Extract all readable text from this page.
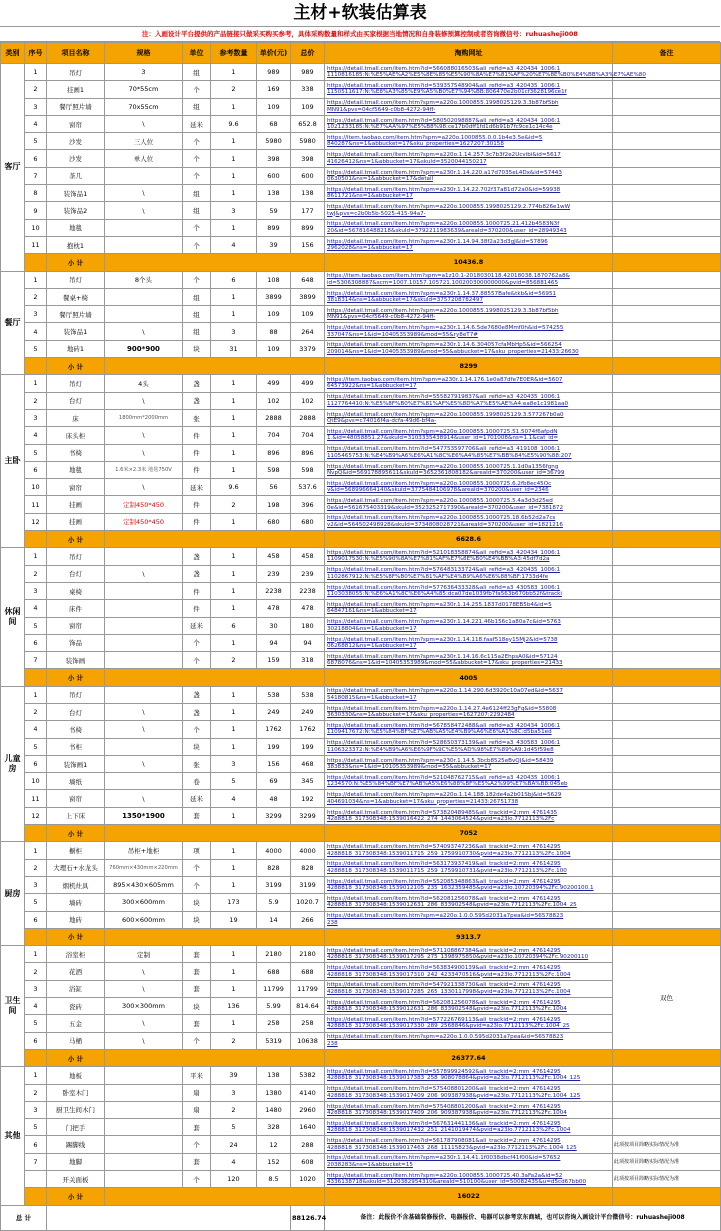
主材+软装估算表
注：入画设计平台提供的产品链接只做采买购买参考，具体采购数量和样式由买家根据当地情况和自身装修预算控制或者咨询微信号：ruhuasheji008
类别	序号	项目名称	规格	单位	参考数量	单价(元)	总价	淘购网址	备注
客厅	1	吊灯	3	组	1	989	989	https://detail.tmall.com/item.htm?id=566088016503&ali_refid=a3_420434_1006:1
1110816185:N:%E5%AE%A2%E5%8E%85%E5%90%8A%E7%81%AF%20%E7%8E%B0%E4%BB%A3%E7%AE%80	

	2	挂画1	70*55cm	个	2	169	338	https://detail.tmall.com/item.htm?id=539357548904&ali_refid=a3_420435_1006:1
1150511617:N:%E8%A3%85%E9%A5%B0%E7%94%BB:806470e2b01cf3628196ce1f	

	3	餐厅照片墙	70x55cm	组	1	109	109	https://detail.tmall.com/item.htm?spm=a220o.1000855.1998025129.3.3b87bf5bh
MN91&pvs=04cf5649-c0b8-4272-94ff-	

	4	窗帘	\	延米	9.6	68	652.8	https://detail.tmall.com/item.htm?id=580502098887&ali_refid=a3_420434_1006:1
1021233185:N:%E7%AA%97%E5%B8%98:ce17b0dff1fd1d6b91b7fc9ce1c14c4e	

	5	沙发	三人位	个	1	5980	5980	https://item.taobao.com/item.htm?spm=a220o.1000855.0.0.1b4e3.5e&id=5
840287&ns=1&abbucket=17&sku_properties=1627207:30158	

	6	沙发	单人位	个	1	398	398	https://detail.tmall.com/item.htm?spm=a220o.1.14.257.3c7b3f2e2Ucvibi&id=5617
41626412&ns=1&abbucket=17&skuId=3520044150217	

	7	茶几		个	1	600	600	https://detail.tmall.com/item.htm?spm=a230r.1.14.220.a17d7035eL4Dx&id=57443
0630501&ns=1&abbucket=17&detail	

	8	装饰品1	\	组	1	138	138	https://detail.tmall.com/item.htm?spm=a230r.1.14.22.702f37a81d72a0&id=59938
8611721&ns=1&abbucket=17	

	9	装饰品2	\	组	3	59	177	https://detail.tmall.com/item.htm?spm=a220o.1000855.1998025129.2.774b826e1wW
twJ&pvs=c2b0b5b-5025-415-94a7-	

	10	地毯		个	1	899	899	https://detail.tmall.com/item.htm?spm=a220o.1000855.1000725.21.412b4583N3f
20&id=567816488218&skuId=3792211983639&areaId=370200&user_id=28949343	

	11	抱枕1		个	4	39	156	https://detail.tmall.com/item.htm?spm=a230r.1.14.94.38f2a23d3gJ&id=57896
2962028&ns=1&abbucket=17	

		小 计						10436.8	
餐厅	1	吊灯	8个头	个	6	108	648	https://item.taobao.com/item.htm?spm=a1z10.1-2018030118.42018038.1870762a8&
id=5306308887&scm=1007.10157.105721.100200300000000&pvid=856881465	

	2	餐桌+椅		组	1	3899	3899	https://detail.tmall.com/item.htm?spm=a230r.1.14.37.88557Bafe&tkb&id=56951
3818314&ns=1&abbucket=17&skuId=3757208782497	

	3	餐厅照片墙		组	1	109	109	https://detail.tmall.com/item.htm?spm=a220o.1000855.1998025129.3.3b87bf5bh
MN91&pvs=04cf5649-c0b8-4272-94ff-	

	4	装饰品1	\	组	3	88	264	https://detail.tmall.com/item.htm?spm=a230r.1.14.6.5de7680e8Mmf0h&id=574255
337047&ns=1&id=10405353989&mod=55&ry8eT7#	

	5	地砖1	900*900	块	31	109	3379	https://detail.tmall.com/item.htm?spm=a230r.1.14.6.304057cfaMbHp5&id=566254
209014&ns=1&id=10405353989&mod=55&abbucket=17&sku_properties=21433:26630	

		小 计						8299	
主卧	1	吊灯	4头	盏	1	499	499	https://item.taobao.com/item.htm?spm=a230r.1.14.176.1e0a87dfe7E0ER&id=5607
64573922&ns=1&abbucket=17	

	2	台灯	\	盏	1	102	102	https://detail.tmall.com/item.htm?id=555827919837&ali_refid=a3_420435_1006:1
1127764410:N:%E5%8F%B0%E7%81%AF%E5%8D%A7%E5%AE%A4:ea8e1c1981aa0	

	3	床	1800mm*2000mm	张	1	2888	2888	https://detail.tmall.com/item.htm?spm=a220o.1000855.1998025129.3.577267b0a0
QtE9&pvs=c74016f4a-dcfa-49d6-bf4a-	

	4	床头柜	\	件	1	704	704	https://detail.tmall.com/item.htm?spm=a220o.1000855.1000725.51.5074f6afpdN
1.&id=48058851.27&skuId=3103335438914&user_id=1701008&ns=1.1&cat_id=	

	5	书椅	\	件	1	896	896	https://detail.tmall.com/item.htm?id=547753597706&ali_refid=a3_419108_1006:1
1105465753:N:%E4%B9%A6%E6%A1%8C%E6%A4%85%E7%BB%84%E5%90%88:207	

	6	地毯	1.6米×2.3米 地毯750V	件	1	598	598	https://detail.tmall.com/item.htm?spm=a220o.1000855.1000725.1.1d0a1356fgng
NvpQ&id=569178895611&skuId=3652361808182&areaId=370200&user_id=36799	

	10	窗帘	\	延米	9.6	56	537.6	https://detail.tmall.com/item.htm?spm=a220o.1000855.1000725.6.2fb8ec45Oc
v&id=568996664140&skuId=3775484106978&areaId=370200&user_id=2346	

	11	挂画	定制450*450	件	2	198	396	https://detail.tmall.com/item.htm?spm=a220o.1000855.1000725.5.4a3d3d25ed
0e&id=561675403319&skuId=3523252717390&areaId=370200&user_id=7381872	

	12	挂画	定制450*450	件	1	680	680	https://detail.tmall.com/item.htm?spm=a220o.1000855.1000725.18.6b52d2a7cs
v2&id=564502498928&skuId=3734808028721&areaId=370200&user_id=1821216	

		小 计						6628.6	
休闲间	1	吊灯		盏	1	458	458	https://detail.tmall.com/item.htm?id=521018358874&ali_refid=a3_420434_1006:1
1109017530:N:%E5%90%8A%E7%81%AF%E7%8E%B0%E4%BB%A3:45df7d2a	

	2	台灯	\	盏	1	239	239	https://detail.tmall.com/item.htm?id=576483133724&ali_refid=a3_420435_1006:1
1102867912:N:%E5%8F%B0%E7%81%AF%E4%B9%A6%E6%88%BF:1733d4fe	

	3	桌椅		件	1	2238	2238	https://detail.tmall.com/item.htm?id=577636433328&ali_refid=a3_430583_1006:1
1103038055:N:%E6%A1%8C%E6%A4%85:dca07de1039fb7fa563b670bb52f&tracki	

	4	床件		件	1	478	478	https://detail.tmall.com/item.htm?spm=a230r.1.14.255.1837d0178EB5b4&id=5
64847161&ns=1&abbucket=17	

	5	窗帘		延米	6	30	180	https://detail.tmall.com/item.htm?spm=a230r.1.14.221.46b156c1a80a7c&id=5763
30218804&ns=1&abbucket=17	

	6	饰品		个	1	94	94	https://detail.tmall.com/item.htm?spm=a230r.1.14.118.faaf518ey15Mj2&id=5738
06268812&ns=1&abbucket=17	

	7	装饰画		个	2	159	318	https://detail.tmall.com/item.htm?spm=a230r.1.14.16.6c115a2EhpsA0&id=57124
6878076&ns=1&id=10405353989&mod=55&abbucket=17&sku_properties=21433	

		小 计						4005	
儿童房	1	吊灯		盏	1	538	538	https://detail.tmall.com/item.htm?spm=a220o.1.14.290.6d3920c10a07ed&id=5637
54180815&ns=1&abbucket=17	

	2	台灯	\	盏	1	249	249	https://detail.tmall.com/item.htm?spm=a220o.1.14.27.4e6124ff23gFq&id=55808
3630330&ns=1&abbucket=17&sku_properties=1627207:2292484	

	4	书椅	\	个	1	1762	1762	https://detail.tmall.com/item.htm?id=567858472488&ali_refid=a3_420434_1006:1
1109417672:N:%E5%84%BF%E7%AB%A5%E4%B9%A6%E6%A1%8C:d5ba51ed	

	5	书柜		块	1	199	199	https://detail.tmall.com/item.htm?id=528650373139&ali_refid=a3_430583_1006:1
1106323372:N:%E4%B9%A6%E6%9F%9C%E5%AD%98%E7%89%A9:1d45f59e8	

	6	装饰画1	\	张	3	156	468	https://detail.tmall.com/item.htm?spm=a230r.1.14.5.3bcb8525eBvQJ&id=58439
383833&ns=1&id=10105353989&mod=55&abbucket=17	

	10	墙纸		卷	5	69	345	https://detail.tmall.com/item.htm?id=521048762715&ali_refid=a3_420435_1006:1
1234570:N:%E5%84%BF%E7%AB%A5%E6%88%BF%E5%A2%99%E7%BA%B8:045eb	

	11	窗帘	\	延米	4	48	192	https://detail.tmall.com/item.htm?spm=a220o.1.14.188.182de4a2b01Sbj&id=5629
404691034&ns=1&abbucket=17&sku_properties=21433:26751738	

	12	上下床	1350*1900	套	1	3299	3299	https://detail.tmall.com/item.htm?id=573820489485&ali_trackid=2:mm_4761435
4288818_317308348:1539016422_274_1443064524&pvid=a23lo.7712113%2Fc	

		小 计						7052	
厨房	1	橱柜	吊柜+地柜	项	1	4000	4000	https://detail.tmall.com/item.htm?id=574093747236&ali_trackid=2:mm_47614295
4288818_317308348:1539011715_259_1759910730&pvid=a23lo.7712113%2Fc.1004	

	2	大理石+水龙头	760mm×430mm×220mm	个	1	828	828	https://detail.tmall.com/item.htm?id=563173937419&ali_trackid=2:mm_47614295
4288818_317308348:1539011715_259_1759910731&pvid=a23lo.7712113%2Fc.100	

	3	烟机灶具	895×430×605mm	个	1	3199	3199	https://detail.tmall.com/item.htm?id=552085348863&ali_trackid=2:mm_47614295
4288818_317308348:1539012105_235_1632359485&pvid=a23lo.10720394%2Fc.90200100.1	

	5	墙砖	300×600mm	块	173	5.9	1020.7	https://detail.tmall.com/item.htm?id=562081256078&ali_trackid=2:mm_47614295
4288818_317308348:1539012631_286_833902548&pvid=a23lo.7712113%2Fc.1004_25	

	6	地砖	600×600mm	块	19	14	266	https://detail.tmall.com/item.htm?spm=a220o.1.0.0.595d2031a7pea&id=56578823
238	

		小 计						9313.7	
卫生间	1	浴室柜	定制	套	1	2180	2180	https://detail.tmall.com/item.htm?id=571108867384&ali_trackid=2:mm_47614295
4288818_317308348:1539017295_275_1398975850&pvid=a23lo.10720394%2Fc.90200110	双色
	2	花洒	\	套	1	688	688	https://detail.tmall.com/item.htm?id=563834900139&ali_trackid=2:mm_47614295
4288818_317308348:1539017310_242_4233470516&pvid=a23lo.7712113%2Fc.1004	

	3	浴缸	\	套	1	11799	11799	https://detail.tmall.com/item.htm?id=547921338730&ali_trackid=2:mm_47614295
4288818_317308348:1539017285_265_1330117998&pvid=a23lo.7712113%2Fc.1004	

	4	瓷砖	300×300mm	块	136	5.99	814.64	https://detail.tmall.com/item.htm?id=562081256078&ali_trackid=2:mm_47614295
4288818_317308348:1539012631_286_833902548&pvid=a23lo.7712113%2Fc.1004	

	5	五金	\	套	1	258	258	https://detail.tmall.com/item.htm?id=577226769113&ali_trackid=2:mm_47614295
4288818_317308348:1539017330_289_2568846&pvid=a23lo.7712113%2Fc.1004_25	

	6	马桶	\	个	2	5319	10638	https://detail.tmall.com/item.htm?spm=a220o.1.0.0.595d2031a7pea&id=56578823
238	

		小 计						26377.64	
其他	1	地板		平米	39	138	5382	https://detail.tmall.com/item.htm?id=557899924592&ali_trackid=2:mm_47614295
4288818_317308348:1539017383_258_908078864&pvid=a23lo.7712113%2Fc.1004_125	

	2	卧室木门		扇	3	1380	4140	https://detail.tmall.com/item.htm?id=575408801200&ali_trackid=2:mm_47614295
4288818_317308348:1539017409_206_909387938&pvid=a23lo.7712113%2Fc.1004_125	

	3	厨卫生间木门		扇	2	1480	2960	https://detail.tmall.com/item.htm?id=575408801200&ali_trackid=2:mm_47614295
4288818_317308348:1539017409_206_909387938&pvid=a23lo.7712113%2Fc.1004	

	5	门把手		套	5	328	1640	https://detail.tmall.com/item.htm?id=567631441136&ali_trackid=2:mm_47614295
4288818_317308348:1539017432_251_2141019474&pvid=a23lo.7712113%2Fc.1004	

	6	踢脚线		个	24	12	288	https://detail.tmall.com/item.htm?id=561787908081&ali_trackid=2:mm_47614295
4288818_317308348:1539017463_268_11115823&pvid=a23lo.7712113%2Fc.1004_125	此项按项目简略实际情况为准
	7	地脚		套	4	152	608	https://detail.tmall.com/item.htm?spm=a230r.1.14.41.1f0038dbcf41f00&id=57652
2038283&ns=1&abbucket=15	此项按项目简略实际情况为准
		开关面板		个	120	8.5	1020	https://detail.tmall.com/item.htm?spm=a220o.1000855.1000725.40.3aFa2a&id=52
4336138718&skuId=3120382954310&areaId=510100&user_id=50082435&u=d5cd67bb00	此项按项目简略实际情况为准
		小 计						16022	
总 计							88126.74	备注：此报价不含基础装修报价、电器报价、电器可以参考京东商城，也可以咨询入画设计平台微信号：ruhuasheji008	
